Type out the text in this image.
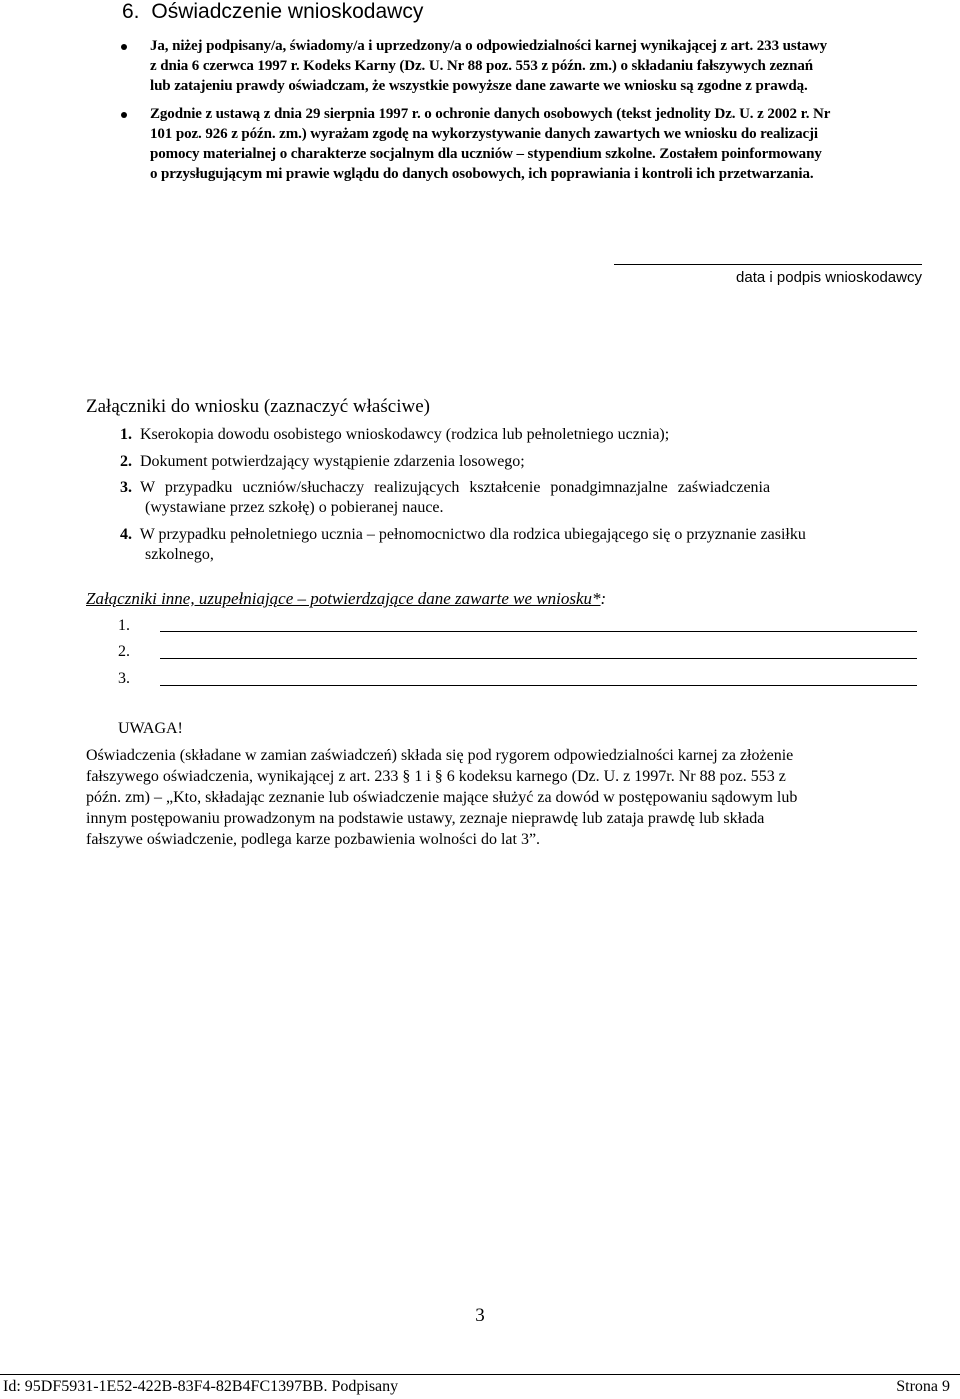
6. Oświadczenie wnioskodawcy
Ja, niżej podpisany/a, świadomy/a i uprzedzony/a o odpowiedzialności karnej wynikającej z art. 233 ustawy
z dnia 6 czerwca 1997 r. Kodeks Karny (Dz. U. Nr 88 poz. 553 z późn. zm.) o składaniu fałszywych zeznań
lub zatajeniu prawdy oświadczam, że wszystkie powyższe dane zawarte we wniosku są zgodne z prawdą.
Zgodnie z ustawą z dnia 29 sierpnia 1997 r. o ochronie danych osobowych (tekst jednolity Dz. U. z 2002 r. Nr
101 poz. 926 z późn. zm.) wyrażam zgodę na wykorzystywanie danych zawartych we wniosku do realizacji
pomocy materialnej o charakterze socjalnym dla uczniów – stypendium szkolne. Zostałem poinformowany
o przysługującym mi prawie wglądu do danych osobowych, ich poprawiania i kontroli ich przetwarzania.
data i podpis wnioskodawcy
Załączniki do wniosku (zaznaczyć właściwe)
1. Kserokopia dowodu osobistego wnioskodawcy (rodzica lub pełnoletniego ucznia);
2. Dokument potwierdzający wystąpienie zdarzenia losowego;
3. W przypadku uczniów/słuchaczy realizujących kształcenie ponadgimnazjalne zaświadczenia
(wystawiane przez szkołę) o pobieranej nauce.
4. W przypadku pełnoletniego ucznia – pełnomocnictwo dla rodzica ubiegającego się o przyznanie zasiłku
szkolnego,
Załączniki inne, uzupełniające – potwierdzające dane zawarte we wniosku*:
1.
2.
3.
UWAGA!
Oświadczenia (składane w zamian zaświadczeń) składa się pod rygorem odpowiedzialności karnej za złożenie
fałszywego oświadczenia, wynikającej z art. 233 § 1 i § 6 kodeksu karnego (Dz. U. z 1997r. Nr 88 poz. 553 z
późn. zm) – „Kto, składając zeznanie lub oświadczenie mające służyć za dowód w postępowaniu sądowym lub
innym postępowaniu prowadzonym na podstawie ustawy, zeznaje nieprawdę lub zataja prawdę lub składa
fałszywe oświadczenie, podlega karze pozbawienia wolności do lat 3”.
3
Id: 95DF5931-1E52-422B-83F4-82B4FC1397BB. Podpisany	Strona 9
